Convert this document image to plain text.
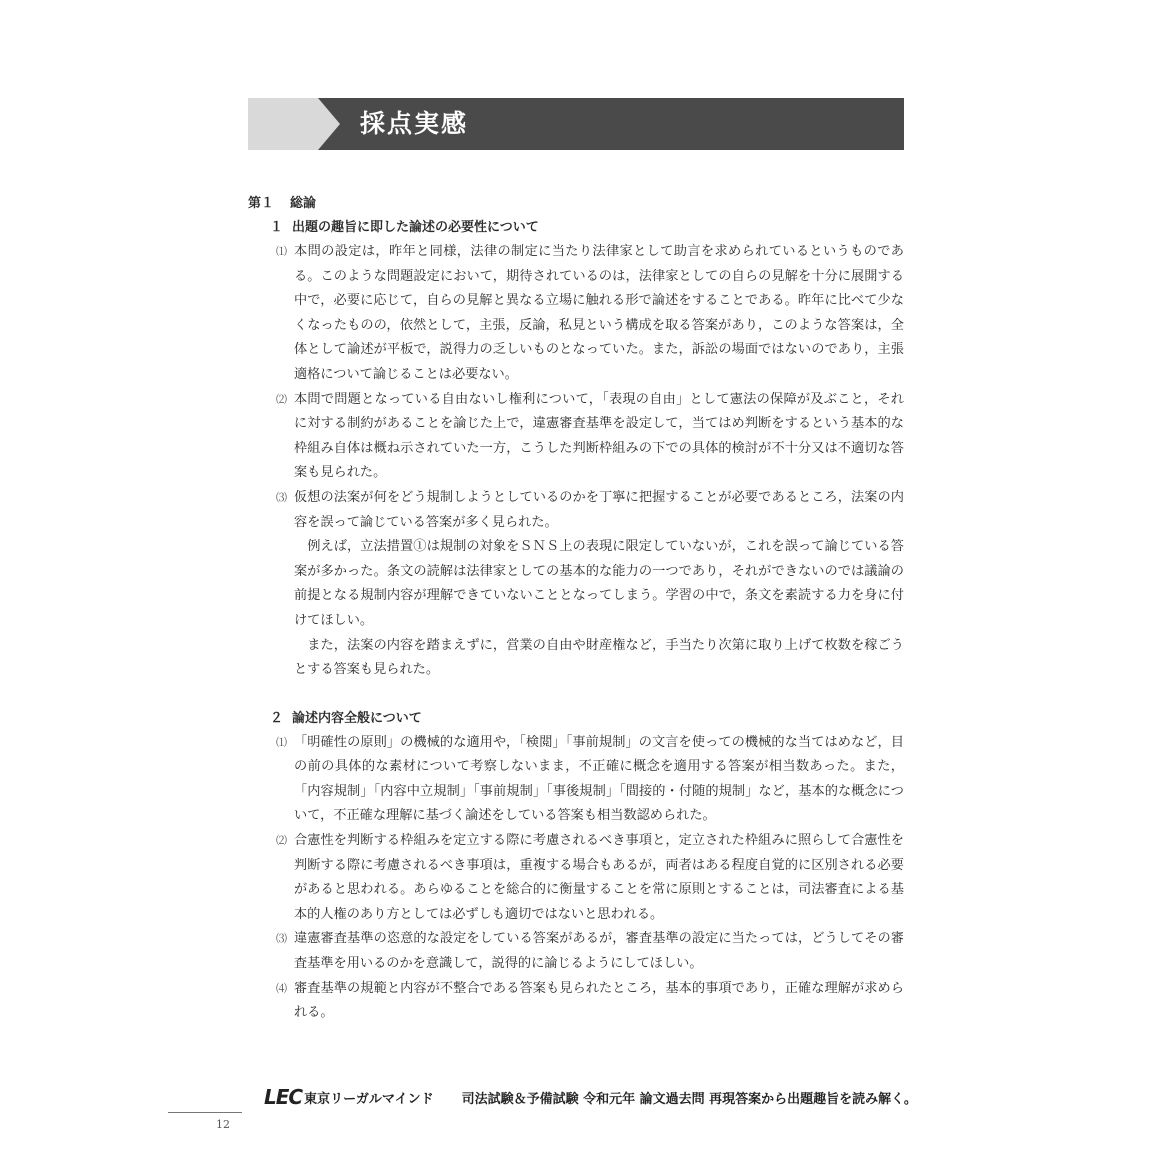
採点実感
第１ 総論
１ 出題の趣旨に即した論述の必要性について
⑴ 本問の設定は，昨年と同様，法律の制定に当たり法律家として助言を求められているというものである。このような問題設定において，期待されているのは，法律家としての自らの見解を十分に展開する中で，必要に応じて，自らの見解と異なる立場に触れる形で論述をすることである。昨年に比べて少なくなったものの，依然として，主張，反論，私見という構成を取る答案があり，このような答案は，全体として論述が平板で，説得力の乏しいものとなっていた。また，訴訟の場面ではないのであり，主張適格について論じることは必要ない。
⑵ 本問で問題となっている自由ないし権利について，「表現の自由」として憲法の保障が及ぶこと，それに対する制約があることを論じた上で，違憲審査基準を設定して，当てはめ判断をするという基本的な枠組み自体は概ね示されていた一方，こうした判断枠組みの下での具体的検討が不十分又は不適切な答案も見られた。
⑶ 仮想の法案が何をどう規制しようとしているのかを丁寧に把握することが必要であるところ，法案の内容を誤って論じている答案が多く見られた。
例えば，立法措置①は規制の対象をＳＮＳ上の表現に限定していないが，これを誤って論じている答案が多かった。条文の読解は法律家としての基本的な能力の一つであり，それができないのでは議論の前提となる規制内容が理解できていないこととなってしまう。学習の中で，条文を素読する力を身に付けてほしい。
また，法案の内容を踏まえずに，営業の自由や財産権など，手当たり次第に取り上げて枚数を稼ごうとする答案も見られた。
２ 論述内容全般について
⑴ 「明確性の原則」の機械的な適用や，「検閲」「事前規制」の文言を使っての機械的な当てはめなど，目の前の具体的な素材について考察しないまま，不正確に概念を適用する答案が相当数あった。また，「内容規制」「内容中立規制」「事前規制」「事後規制」「間接的・付随的規制」など，基本的な概念について，不正確な理解に基づく論述をしている答案も相当数認められた。
⑵ 合憲性を判断する枠組みを定立する際に考慮されるべき事項と，定立された枠組みに照らして合憲性を判断する際に考慮されるべき事項は，重複する場合もあるが，両者はある程度自覚的に区別される必要があると思われる。あらゆることを総合的に衡量することを常に原則とすることは，司法審査による基本的人権のあり方としては必ずしも適切ではないと思われる。
⑶ 違憲審査基準の恣意的な設定をしている答案があるが，審査基準の設定に当たっては，どうしてその審査基準を用いるのかを意識して，説得的に論じるようにしてほしい。
⑷ 審査基準の規範と内容が不整合である答案も見られたところ，基本的事項であり，正確な理解が求められる。
LEC 東京リーガルマインド 司法試験＆予備試験 令和元年 論文過去問 再現答案から出題趣旨を読み解く。
12
